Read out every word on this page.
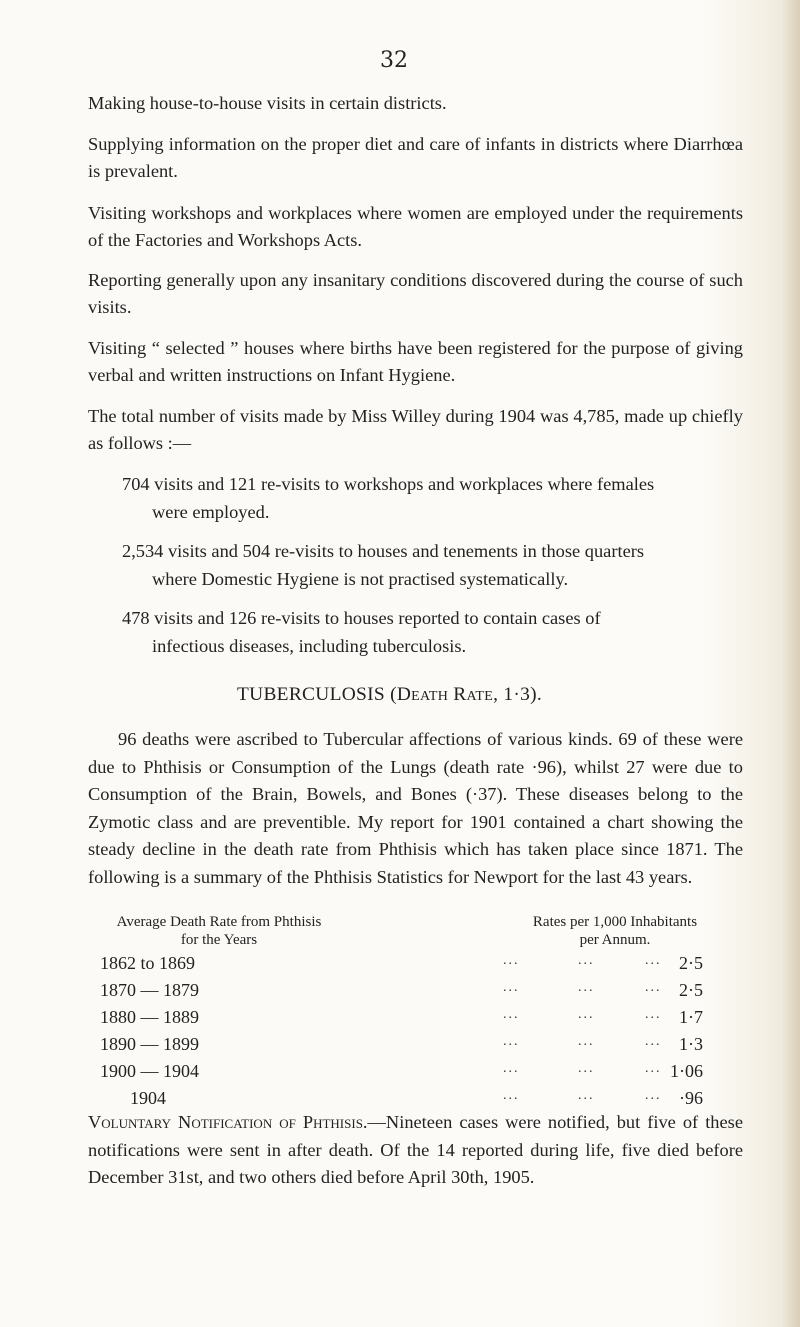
32

Making house-to-house visits in certain districts.

Supplying information on the proper diet and care of infants in districts where Diarrhœa is prevalent.

Visiting workshops and workplaces where women are employed under the requirements of the Factories and Workshops Acts.

Reporting generally upon any insanitary conditions discovered during the course of such visits.

Visiting “ selected ” houses where births have been registered for the purpose of giving verbal and written instructions on Infant Hygiene.

The total number of visits made by Miss Willey during 1904 was 4,785, made up chiefly as follows :—

704 visits and 121 re-visits to workshops and workplaces where females
were employed.
2,534 visits and 504 re-visits to houses and tenements in those quarters
where Domestic Hygiene is not practised systematically.
478 visits and 126 re-visits to houses reported to contain cases of
infectious diseases, including tuberculosis.
TUBERCULOSIS (Death Rate, 1·3).

96 deaths were ascribed to Tubercular affections of various kinds. 69 of these were due to Phthisis or Consumption of the Lungs (death rate ·96), whilst 27 were due to Consumption of the Brain, Bowels, and Bones (·37). These diseases belong to the Zymotic class and are preventible. My report for 1901 contained a chart showing the steady decline in the death rate from Phthisis which has taken place since 1871. The following is a summary of the Phthisis Statistics for Newport for the last 43 years.

Average Death Rate from Phthisis
for the Years
Rates per 1,000 Inhabitants
per Annum.
1862 to 1869	...	...	... 2·5
1870 — 1879	...	...	... 2·5
1880 — 1889	...	...	... 1·7
1890 — 1899	...	...	... 1·3
1900 — 1904	...	...	... 1·06
1904	...	...	... ·96

Voluntary Notification of Phthisis.—Nineteen cases were notified, but five of these notifications were sent in after death. Of the 14 reported during life, five died before December 31st, and two others died before April 30th, 1905.
